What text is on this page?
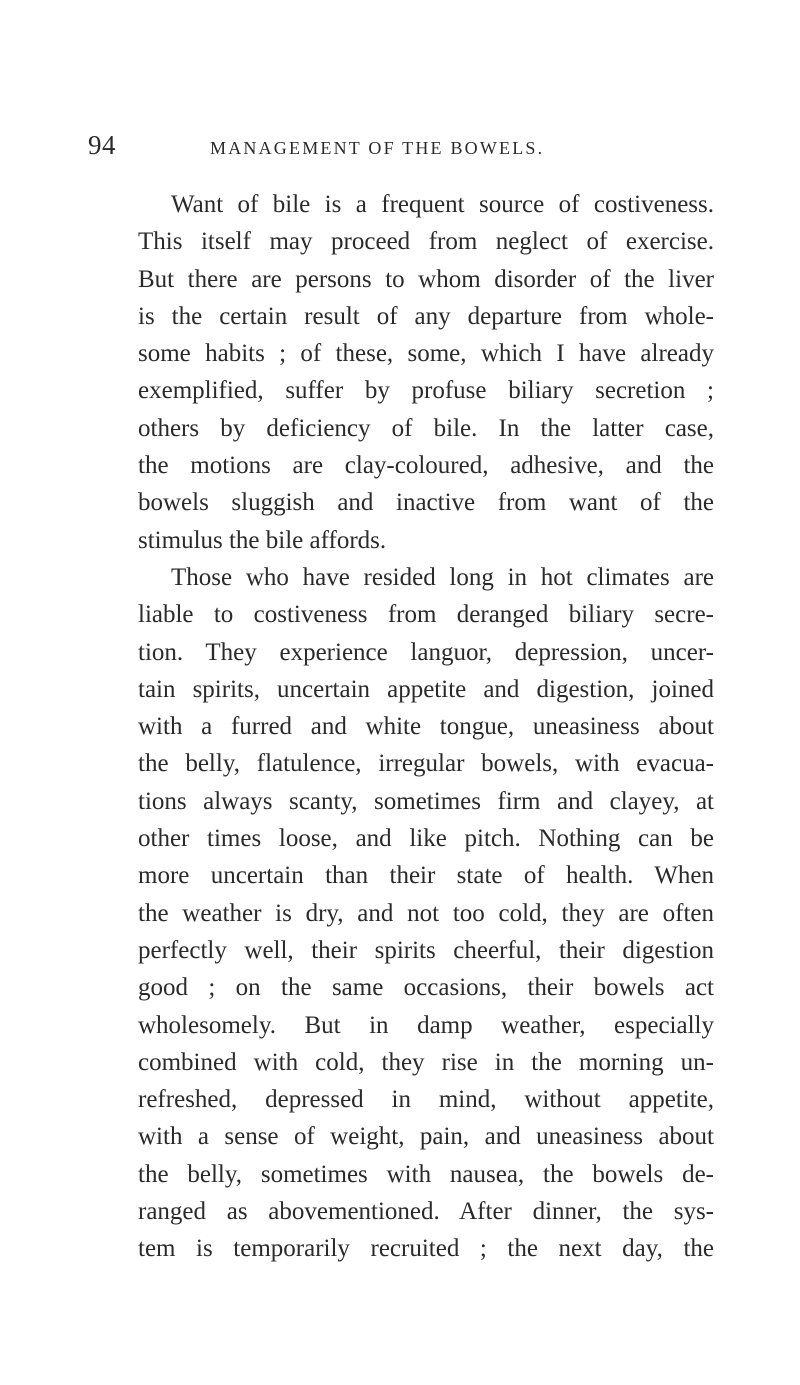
94	MANAGEMENT OF THE BOWELS.
Want of bile is a frequent source of costiveness.
This itself may proceed from neglect of exercise.
But there are persons to whom disorder of the liver
is the certain result of any departure from whole-
some habits ; of these, some, which I have already
exemplified, suffer by profuse biliary secretion ;
others by deficiency of bile. In the latter case,
the motions are clay-coloured, adhesive, and the
bowels sluggish and inactive from want of the
stimulus the bile affords.
Those who have resided long in hot climates are
liable to costiveness from deranged biliary secre-
tion. They experience languor, depression, uncer-
tain spirits, uncertain appetite and digestion, joined
with a furred and white tongue, uneasiness about
the belly, flatulence, irregular bowels, with evacua-
tions always scanty, sometimes firm and clayey, at
other times loose, and like pitch. Nothing can be
more uncertain than their state of health. When
the weather is dry, and not too cold, they are often
perfectly well, their spirits cheerful, their digestion
good ; on the same occasions, their bowels act
wholesomely. But in damp weather, especially
combined with cold, they rise in the morning un-
refreshed, depressed in mind, without appetite,
with a sense of weight, pain, and uneasiness about
the belly, sometimes with nausea, the bowels de-
ranged as abovementioned. After dinner, the sys-
tem is temporarily recruited ; the next day, the
